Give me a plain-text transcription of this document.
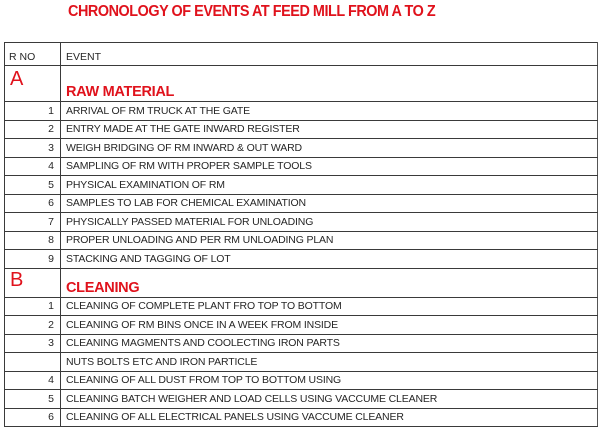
CHRONOLOGY OF EVENTS AT FEED MILL FROM A TO Z
R NO	EVENT
A	RAW MATERIAL
1	ARRIVAL OF RM TRUCK AT THE GATE
2	ENTRY MADE AT THE GATE INWARD REGISTER
3	WEIGH BRIDGING OF RM INWARD & OUT WARD
4	SAMPLING OF RM WITH PROPER SAMPLE TOOLS
5	PHYSICAL EXAMINATION OF RM
6	SAMPLES TO LAB FOR CHEMICAL EXAMINATION
7	PHYSICALLY PASSED MATERIAL FOR UNLOADING
8	PROPER UNLOADING AND PER RM UNLOADING PLAN
9	STACKING AND TAGGING OF LOT
B	CLEANING
1	CLEANING OF COMPLETE PLANT FRO TOP TO BOTTOM
2	CLEANING OF RM BINS ONCE IN A WEEK FROM INSIDE
3	CLEANING MAGMENTS AND COOLECTING IRON PARTS
	NUTS BOLTS ETC AND IRON PARTICLE
4	CLEANING OF ALL DUST FROM TOP TO BOTTOM USING
5	CLEANING BATCH WEIGHER AND LOAD CELLS USING VACCUME CLEANER
6	CLEANING OF ALL ELECTRICAL PANELS USING VACCUME CLEANER
